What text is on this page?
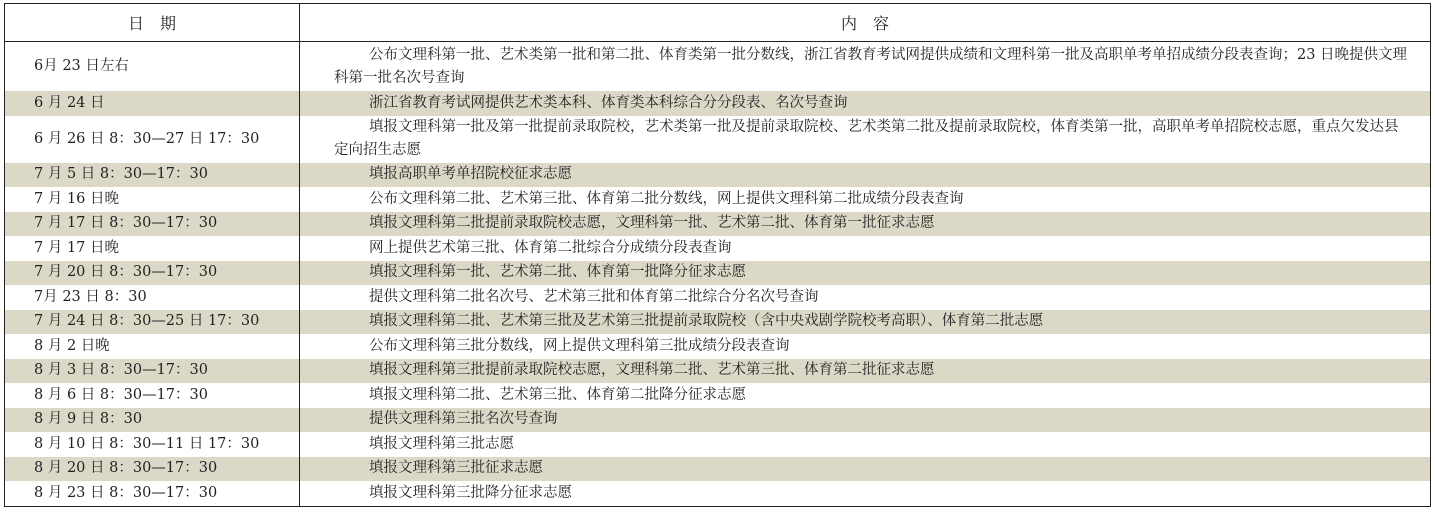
日　期	内　容
6月 23 日左右	公布文理科第一批、艺术类第一批和第二批、体育类第一批分数线，浙江省教育考试网提供成绩和文理科第一批及高职单考单招成绩分段表查询；23 日晚提供文理科第一批名次号查询
6 月 24 日	浙江省教育考试网提供艺术类本科、体育类本科综合分分段表、名次号查询
6 月 26 日 8：30—27 日 17：30	填报文理科第一批及第一批提前录取院校，艺术类第一批及提前录取院校、艺术类第二批及提前录取院校，体育类第一批，高职单考单招院校志愿，重点欠发达县定向招生志愿
7 月 5 日 8：30—17：30	填报高职单考单招院校征求志愿
7 月 16 日晚	公布文理科第二批、艺术第三批、体育第二批分数线，网上提供文理科第二批成绩分段表查询
7 月 17 日 8：30—17：30	填报文理科第二批提前录取院校志愿，文理科第一批、艺术第二批、体育第一批征求志愿
7 月 17 日晚	网上提供艺术第三批、体育第二批综合分成绩分段表查询
7 月 20 日 8：30—17：30	填报文理科第一批、艺术第二批、体育第一批降分征求志愿
7月 23 日 8：30	提供文理科第二批名次号、艺术第三批和体育第二批综合分名次号查询
7 月 24 日 8：30—25 日 17：30	填报文理科第二批、艺术第三批及艺术第三批提前录取院校（含中央戏剧学院校考高职）、体育第二批志愿
8 月 2 日晚	公布文理科第三批分数线，网上提供文理科第三批成绩分段表查询
8 月 3 日 8：30—17：30	填报文理科第三批提前录取院校志愿，文理科第二批、艺术第三批、体育第二批征求志愿
8 月 6 日 8：30—17：30	填报文理科第二批、艺术第三批、体育第二批降分征求志愿
8 月 9 日 8：30	提供文理科第三批名次号查询
8 月 10 日 8：30—11 日 17：30	填报文理科第三批志愿
8 月 20 日 8：30—17：30	填报文理科第三批征求志愿
8 月 23 日 8：30—17：30	填报文理科第三批降分征求志愿
